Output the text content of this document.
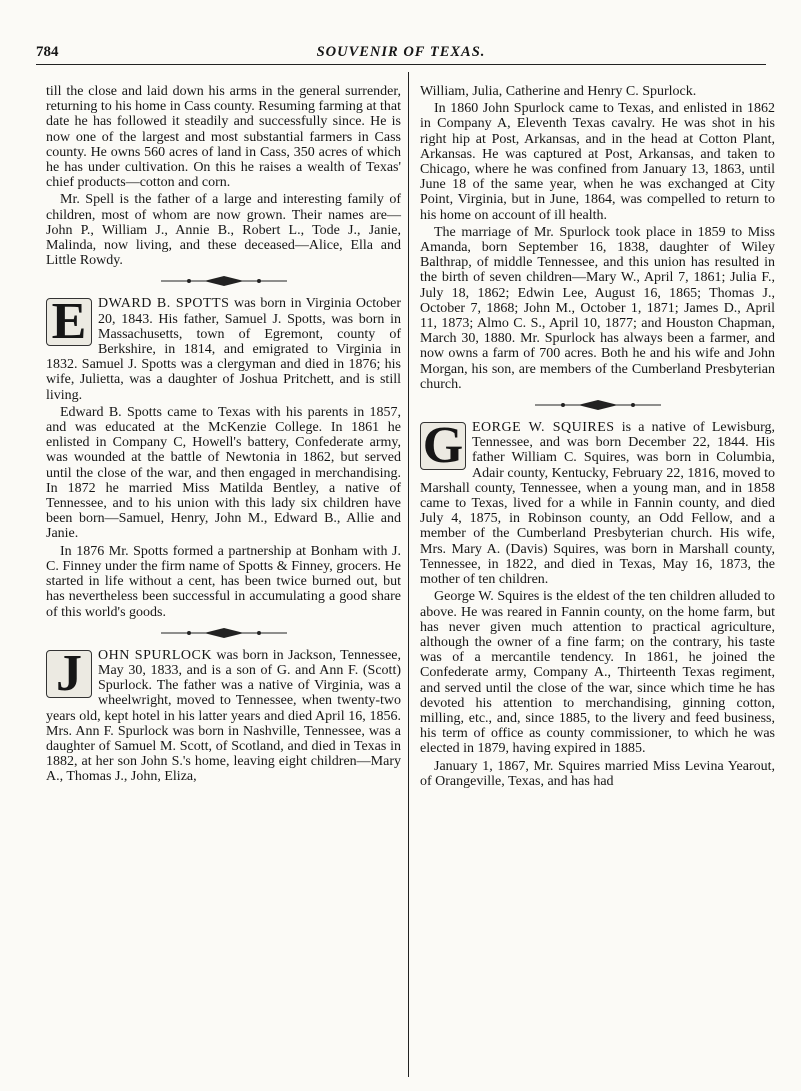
784	SOUVENIR OF TEXAS.

till the close and laid down his arms in the general surrender, returning to his home in Cass county. Resuming farming at that date he has followed it steadily and successfully since. He is now one of the largest and most substantial farmers in Cass county. He owns 560 acres of land in Cass, 350 acres of which he has under cultivation. On this he raises a wealth of Texas' chief products—cotton and corn.

Mr. Spell is the father of a large and interesting family of children, most of whom are now grown. Their names are—John P., William J., Annie B., Robert L., Tode J., Janie, Malinda, now living, and these deceased—Alice, Ella and Little Rowdy.

E DWARD B. SPOTTS was born in Virginia October 20, 1843. His father, Samuel J. Spotts, was born in Massachusetts, town of Egremont, county of Berkshire, in 1814, and emigrated to Virginia in 1832. Samuel J. Spotts was a clergyman and died in 1876; his wife, Julietta, was a daughter of Joshua Pritchett, and is still living.

Edward B. Spotts came to Texas with his parents in 1857, and was educated at the McKenzie College. In 1861 he enlisted in Company C, Howell's battery, Confederate army, was wounded at the battle of Newtonia in 1862, but served until the close of the war, and then engaged in merchandising. In 1872 he married Miss Matilda Bentley, a native of Tennessee, and to his union with this lady six children have been born—Samuel, Henry, John M., Edward B., Allie and Janie.

In 1876 Mr. Spotts formed a partnership at Bonham with J. C. Finney under the firm name of Spotts & Finney, grocers. He started in life without a cent, has been twice burned out, but has nevertheless been successful in accumulating a good share of this world's goods.

J	OHN SPURLOCK was born in Jackson, Tennessee, May 30, 1833, and is a son of G. and Ann F. (Scott) Spurlock. The father was a native of Virginia, was a wheelwright, moved to Tennessee, when twenty-two years old, kept hotel in his latter years and died April 16, 1856. Mrs. Ann F. Spurlock was born in Nashville, Tennessee, was a daughter of Samuel M. Scott, of Scotland, and died in Texas in 1882, at her son John S.'s home, leaving eight children—Mary A., Thomas J., John, Eliza,

William, Julia, Catherine and Henry C. Spurlock.

In 1860 John Spurlock came to Texas, and enlisted in 1862 in Company A, Eleventh Texas cavalry. He was shot in his right hip at Post, Arkansas, and in the head at Cotton Plant, Arkansas. He was captured at Post, Arkansas, and taken to Chicago, where he was confined from January 13, 1863, until June 18 of the same year, when he was exchanged at City Point, Virginia, but in June, 1864, was compelled to return to his home on account of ill health.

The marriage of Mr. Spurlock took place in 1859 to Miss Amanda, born September 16, 1838, daughter of Wiley Balthrap, of middle Tennessee, and this union has resulted in the birth of seven children—Mary W., April 7, 1861; Julia F., July 18, 1862; Edwin Lee, August 16, 1865; Thomas J., October 7, 1868; John M., October 1, 1871; James D., April 11, 1873; Almo C. S., April 10, 1877; and Houston Chapman, March 30, 1880. Mr. Spurlock has always been a farmer, and now owns a farm of 700 acres. Both he and his wife and John Morgan, his son, are members of the Cumberland Presbyterian church.

G EORGE W. SQUIRES is a native of Lewisburg, Tennessee, and was born December 22, 1844. His father William C. Squires, was born in Columbia, Adair county, Kentucky, February 22, 1816, moved to Marshall county, Tennessee, when a young man, and in 1858 came to Texas, lived for a while in Fannin county, and died July 4, 1875, in Robinson county, an Odd Fellow, and a member of the Cumberland Presbyterian church. His wife, Mrs. Mary A. (Davis) Squires, was born in Marshall county, Tennessee, in 1822, and died in Texas, May 16, 1873, the mother of ten children.

George W. Squires is the eldest of the ten children alluded to above. He was reared in Fannin county, on the home farm, but has never given much attention to practical agriculture, although the owner of a fine farm; on the contrary, his taste was of a mercantile tendency. In 1861, he joined the Confederate army, Company A., Thirteenth Texas regiment, and served until the close of the war, since which time he has devoted his attention to merchandising, ginning cotton, milling, etc., and, since 1885, to the livery and feed business, his term of office as county commissioner, to which he was elected in 1879, having expired in 1885.

January 1, 1867, Mr. Squires married Miss Levina Yearout, of Orangeville, Texas, and has had
